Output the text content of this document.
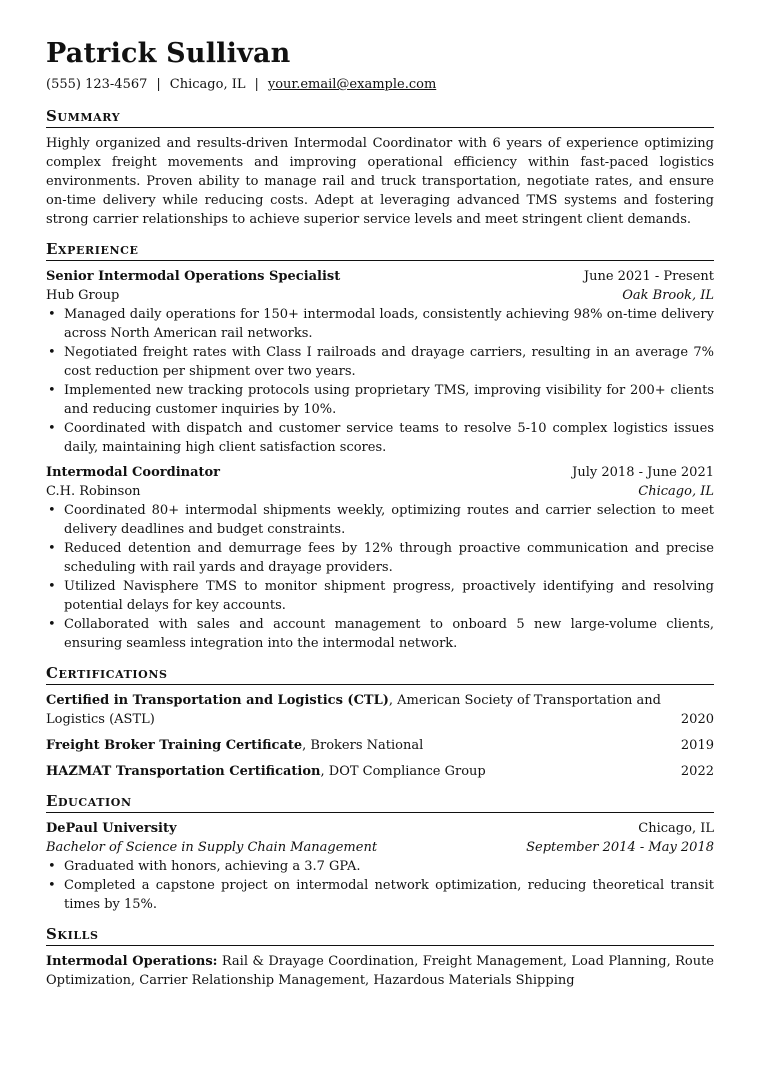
Patrick Sullivan
(555) 123-4567 | Chicago, IL | your.email@example.com
Summary

Highly organized and results-driven Intermodal Coordinator with 6 years of experience optimizing complex freight movements and improving operational efficiency within fast-paced logistics environments. Proven ability to manage rail and truck transportation, negotiate rates, and ensure on-time delivery while reducing costs. Adept at leveraging advanced TMS systems and fostering strong carrier relationships to achieve superior service levels and meet stringent client demands.

Experience
Senior Intermodal Operations Specialist	June 2021 - Present
Hub Group	Oak Brook, IL
• Managed daily operations for 150+ intermodal loads, consistently achieving 98% on-time delivery across North American rail networks.
• Negotiated freight rates with Class I railroads and drayage carriers, resulting in an average 7% cost reduction per shipment over two years.
• Implemented new tracking protocols using proprietary TMS, improving visibility for 200+ clients and reducing customer inquiries by 10%.
• Coordinated with dispatch and customer service teams to resolve 5-10 complex logistics issues daily, maintaining high client satisfaction scores.
Intermodal Coordinator	July 2018 - June 2021
C.H. Robinson	Chicago, IL
• Coordinated 80+ intermodal shipments weekly, optimizing routes and carrier selection to meet delivery deadlines and budget constraints.
• Reduced detention and demurrage fees by 12% through proactive communication and precise scheduling with rail yards and drayage providers.
• Utilized Navisphere TMS to monitor shipment progress, proactively identifying and resolving potential delays for key accounts.
• Collaborated with sales and account management to onboard 5 new large-volume clients, ensuring seamless integration into the intermodal network.
Certifications
Certified in Transportation and Logistics (CTL), American Society of Transportation and Logistics (ASTL)	2020
Freight Broker Training Certificate, Brokers National	2019
HAZMAT Transportation Certification, DOT Compliance Group	2022
Education
DePaul University	Chicago, IL
Bachelor of Science in Supply Chain Management	September 2014 - May 2018
• Graduated with honors, achieving a 3.7 GPA.
• Completed a capstone project on intermodal network optimization, reducing theoretical transit times by 15%.
Skills

Intermodal Operations: Rail & Drayage Coordination, Freight Management, Load Planning, Route Optimization, Carrier Relationship Management, Hazardous Materials Shipping
